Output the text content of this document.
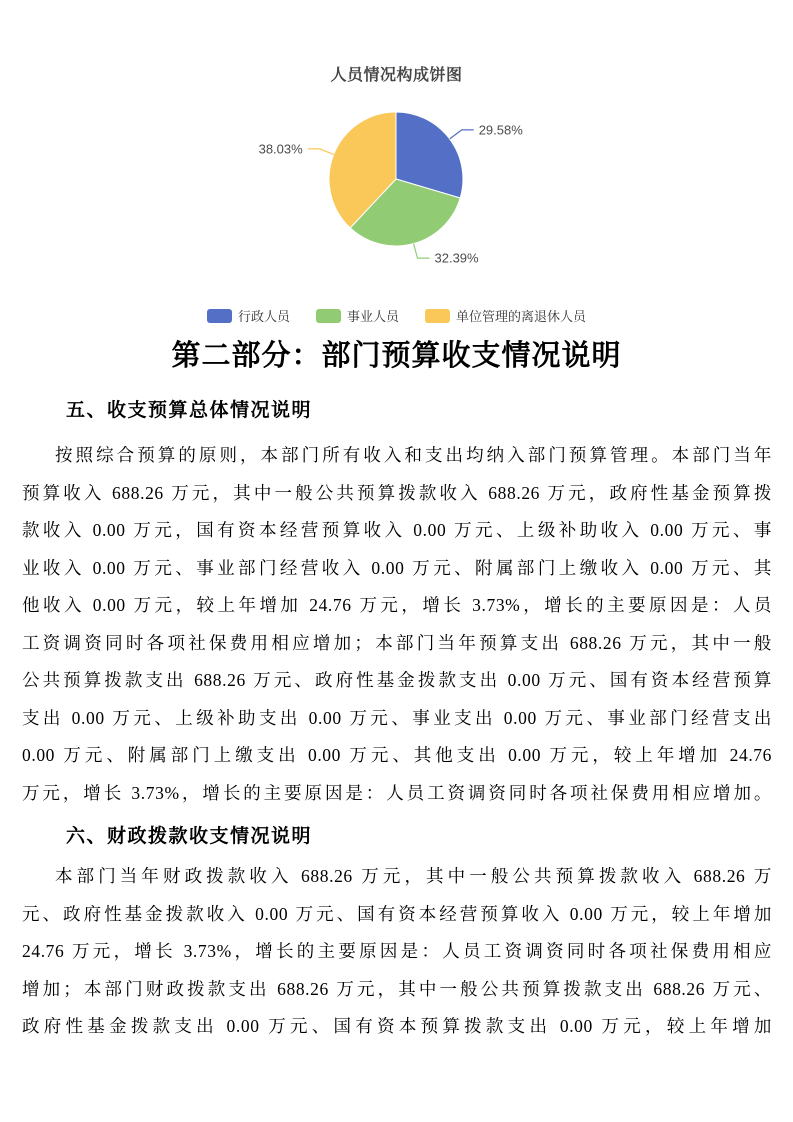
人员情况构成饼图
29.58%
32.39%
38.03%
行政人员	事业人员	单位管理的离退休人员
第二部分：部门预算收支情况说明
五、收支预算总体情况说明
按照综合预算的原则，本部门所有收入和支出均纳入部门预算管理。本部门当年
预算收入 688.26 万元，其中一般公共预算拨款收入 688.26 万元，政府性基金预算拨
款收入 0.00 万元，国有资本经营预算收入 0.00 万元、上级补助收入 0.00 万元、事
业收入 0.00 万元、事业部门经营收入 0.00 万元、附属部门上缴收入 0.00 万元、其
他收入 0.00 万元，较上年增加 24.76 万元，增长 3.73%，增长的主要原因是：人员
工资调资同时各项社保费用相应增加；本部门当年预算支出 688.26 万元，其中一般
公共预算拨款支出 688.26 万元、政府性基金拨款支出 0.00 万元、国有资本经营预算
支出 0.00 万元、上级补助支出 0.00 万元、事业支出 0.00 万元、事业部门经营支出
0.00 万元、附属部门上缴支出 0.00 万元、其他支出 0.00 万元，较上年增加 24.76
万元，增长 3.73%，增长的主要原因是：人员工资调资同时各项社保费用相应增加。
六、财政拨款收支情况说明
本部门当年财政拨款收入 688.26 万元，其中一般公共预算拨款收入 688.26 万
元、政府性基金拨款收入 0.00 万元、国有资本经营预算收入 0.00 万元，较上年增加
24.76 万元，增长 3.73%，增长的主要原因是：人员工资调资同时各项社保费用相应
增加；本部门财政拨款支出 688.26 万元，其中一般公共预算拨款支出 688.26 万元、
政府性基金拨款支出 0.00 万元、国有资本预算拨款支出 0.00 万元，较上年增加
